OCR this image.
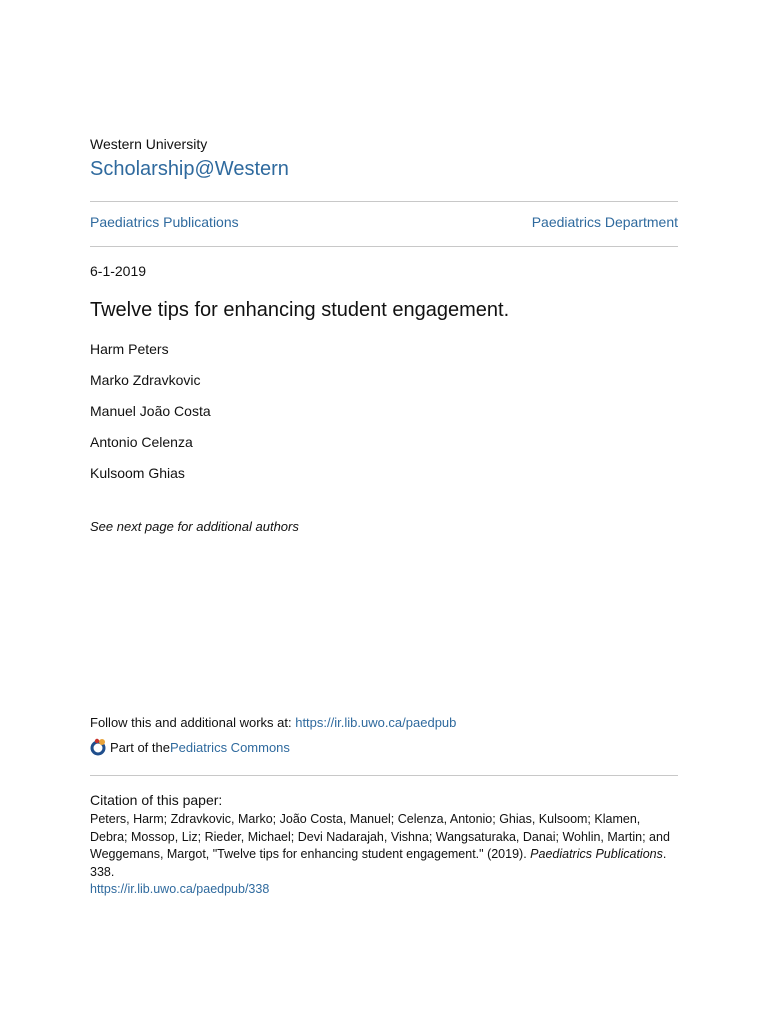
Western University
Scholarship@Western
Paediatrics Publications	Paediatrics Department
6-1-2019
Twelve tips for enhancing student engagement.
Harm Peters
Marko Zdravkovic
Manuel João Costa
Antonio Celenza
Kulsoom Ghias
See next page for additional authors
Follow this and additional works at: https://ir.lib.uwo.ca/paedpub
Part of the Pediatrics Commons
Citation of this paper:
Peters, Harm; Zdravkovic, Marko; João Costa, Manuel; Celenza, Antonio; Ghias, Kulsoom; Klamen, Debra; Mossop, Liz; Rieder, Michael; Devi Nadarajah, Vishna; Wangsaturaka, Danai; Wohlin, Martin; and Weggemans, Margot, "Twelve tips for enhancing student engagement." (2019). Paediatrics Publications. 338.
https://ir.lib.uwo.ca/paedpub/338
